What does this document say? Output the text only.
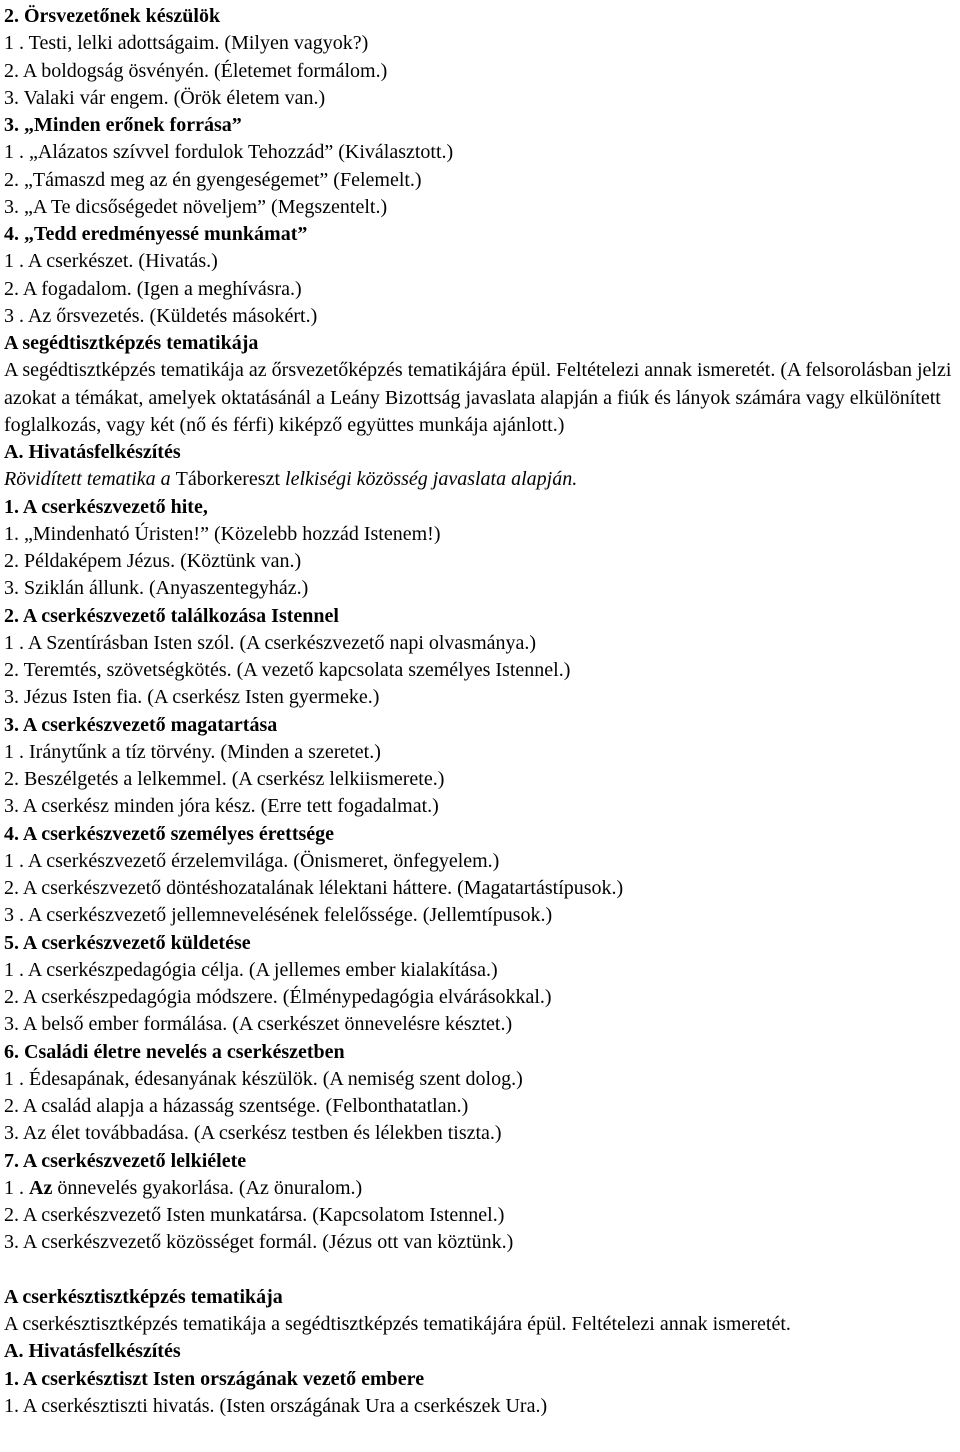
2. Örsvezetőnek készülök
1 . Testi, lelki adottságaim. (Milyen vagyok?)
2. A boldogság ösvényén. (Életemet formálom.)
3. Valaki vár engem. (Örök életem van.)
3. „Minden erőnek forrása”
1 . „Alázatos szívvel fordulok Tehozzád” (Kiválasztott.)
2. „Támaszd meg az én gyengeségemet” (Felemelt.)
3. „A Te dicsőségedet növeljem” (Megszentelt.)
4. „Tedd eredményessé munkámat”
1 . A cserkészet. (Hivatás.)
2. A fogadalom. (Igen a meghívásra.)
3 . Az őrsvezetés. (Küldetés másokért.)
A segédtisztképzés tematikája
A segédtisztképzés tematikája az őrsvezetőképzés tematikájára épül. Feltételezi annak ismeretét. (A felsorolásban jelzi azokat a témákat, amelyek oktatásánál a Leány Bizottság javaslata alapján a fiúk és lányok számára vagy elkülönített foglalkozás, vagy két (nő és férfi) kiképző együttes munkája ajánlott.)
A. Hivatásfelkészítés
Rövidített tematika a Táborkereszt lelkiségi közösség javaslata alapján.
1. A cserkészvezető hite,
1. „Mindenható Úristen!” (Közelebb hozzád Istenem!)
2. Példaképem Jézus. (Köztünk van.)
3. Sziklán állunk. (Anyaszentegyház.)
2. A cserkészvezető találkozása Istennel
1 . A Szentírásban Isten szól. (A cserkészvezető napi olvasmánya.)
2. Teremtés, szövetségkötés. (A vezető kapcsolata személyes Istennel.)
3. Jézus Isten fia. (A cserkész Isten gyermeke.)
3. A cserkészvezető magatartása
1 . Iránytűnk a tíz törvény. (Minden a szeretet.)
2. Beszélgetés a lelkemmel. (A cserkész lelkiismerete.)
3. A cserkész minden jóra kész. (Erre tett fogadalmat.)
4. A cserkészvezető személyes érettsége
1 . A cserkészvezető érzelemvilága. (Önismeret, önfegyelem.)
2. A cserkészvezető döntéshozatalának lélektani háttere. (Magatartástípusok.)
3 . A cserkészvezető jellemnevelésének felelőssége. (Jellemtípusok.)
5. A cserkészvezető küldetése
1 . A cserkészpedagógia célja. (A jellemes ember kialakítása.)
2. A cserkészpedagógia módszere. (Élménypedagógia elvárásokkal.)
3. A belső ember formálása. (A cserkészet önnevelésre késztet.)
6. Családi életre nevelés a cserkészetben
1 . Édesapának, édesanyának készülök. (A nemiség szent dolog.)
2. A család alapja a házasság szentsége. (Felbonthatatlan.)
3. Az élet továbbadása. (A cserkész testben és lélekben tiszta.)
7. A cserkészvezető lelkiélete
1 . Az önnevelés gyakorlása. (Az önuralom.)
2. A cserkészvezető Isten munkatársa. (Kapcsolatom Istennel.)
3. A cserkészvezető közösséget formál. (Jézus ott van köztünk.)
A cserkésztisztképzés tematikája
A cserkésztisztképzés tematikája a segédtisztképzés tematikájára épül. Feltételezi annak ismeretét.
A. Hivatásfelkészítés
1. A cserkésztiszt Isten országának vezető embere
1. A cserkésztiszti hivatás. (Isten országának Ura a cserkészek Ura.)
